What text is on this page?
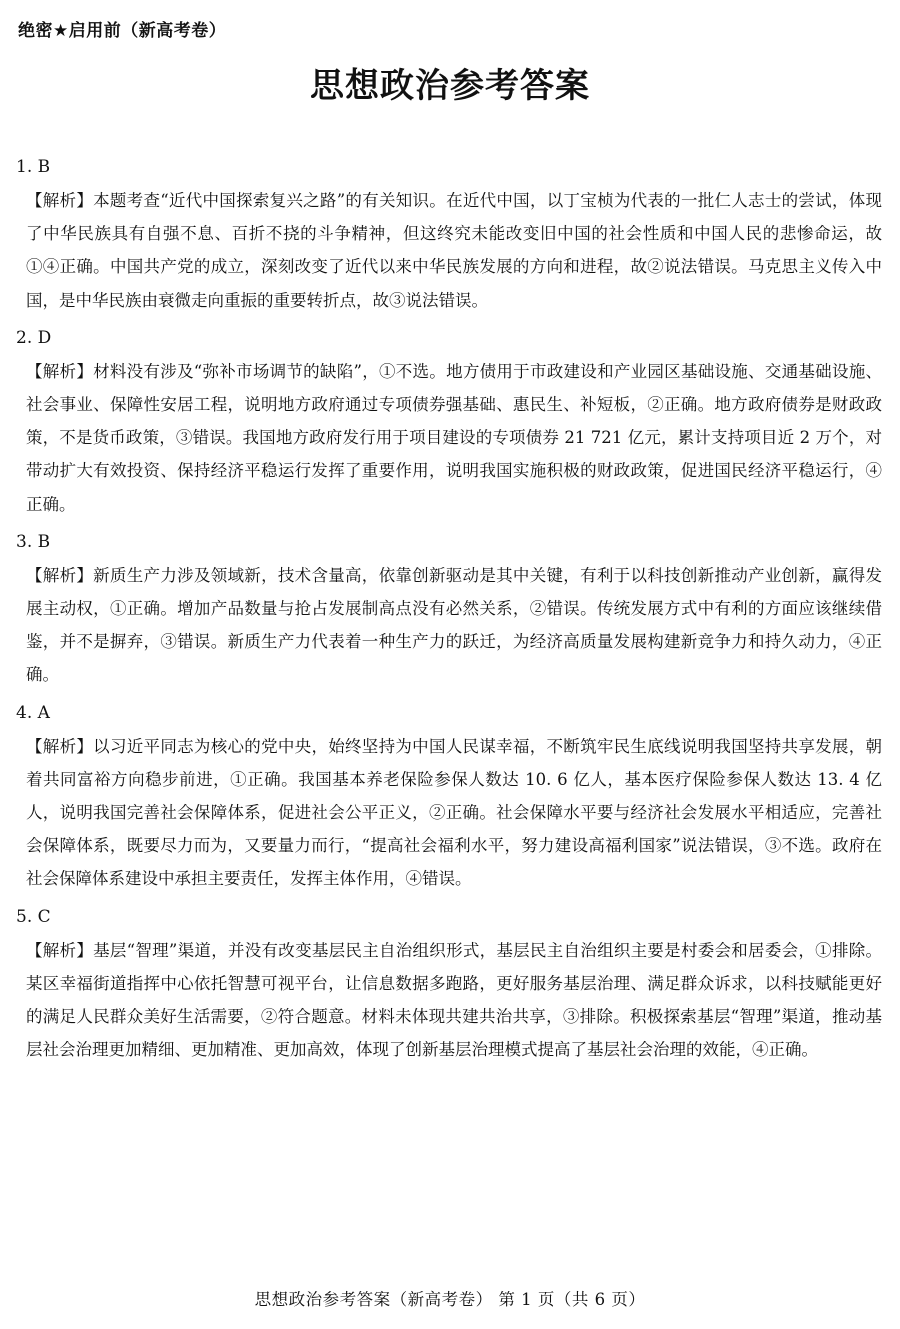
绝密★启用前（新高考卷）
思想政治参考答案
1. B
【解析】本题考查“近代中国探索复兴之路”的有关知识。在近代中国，以丁宝桢为代表的一批仁人志士的尝试，体现了中华民族具有自强不息、百折不挠的斗争精神，但这终究未能改变旧中国的社会性质和中国人民的悲惨命运，故①④正确。中国共产党的成立，深刻改变了近代以来中华民族发展的方向和进程，故②说法错误。马克思主义传入中国，是中华民族由衰微走向重振的重要转折点，故③说法错误。
2. D
【解析】材料没有涉及“弥补市场调节的缺陷”，①不选。地方债用于市政建设和产业园区基础设施、交通基础设施、社会事业、保障性安居工程，说明地方政府通过专项债券强基础、惠民生、补短板，②正确。地方政府债券是财政政策，不是货币政策，③错误。我国地方政府发行用于项目建设的专项债券 21 721 亿元，累计支持项目近 2 万个，对带动扩大有效投资、保持经济平稳运行发挥了重要作用，说明我国实施积极的财政政策，促进国民经济平稳运行，④正确。
3. B
【解析】新质生产力涉及领域新，技术含量高，依靠创新驱动是其中关键，有利于以科技创新推动产业创新，赢得发展主动权，①正确。增加产品数量与抢占发展制高点没有必然关系，②错误。传统发展方式中有利的方面应该继续借鉴，并不是摒弃，③错误。新质生产力代表着一种生产力的跃迁，为经济高质量发展构建新竞争力和持久动力，④正确。
4. A
【解析】以习近平同志为核心的党中央，始终坚持为中国人民谋幸福，不断筑牢民生底线说明我国坚持共享发展，朝着共同富裕方向稳步前进，①正确。我国基本养老保险参保人数达 10. 6 亿人，基本医疗保险参保人数达 13. 4 亿人，说明我国完善社会保障体系，促进社会公平正义，②正确。社会保障水平要与经济社会发展水平相适应，完善社会保障体系，既要尽力而为，又要量力而行，“提高社会福利水平，努力建设高福利国家”说法错误，③不选。政府在社会保障体系建设中承担主要责任，发挥主体作用，④错误。
5. C
【解析】基层“智理”渠道，并没有改变基层民主自治组织形式，基层民主自治组织主要是村委会和居委会，①排除。某区幸福街道指挥中心依托智慧可视平台，让信息数据多跑路，更好服务基层治理、满足群众诉求，以科技赋能更好的满足人民群众美好生活需要，②符合题意。材料未体现共建共治共享，③排除。积极探索基层“智理”渠道，推动基层社会治理更加精细、更加精准、更加高效，体现了创新基层治理模式提高了基层社会治理的效能，④正确。
思想政治参考答案（新高考卷） 第 1 页（共 6 页）
